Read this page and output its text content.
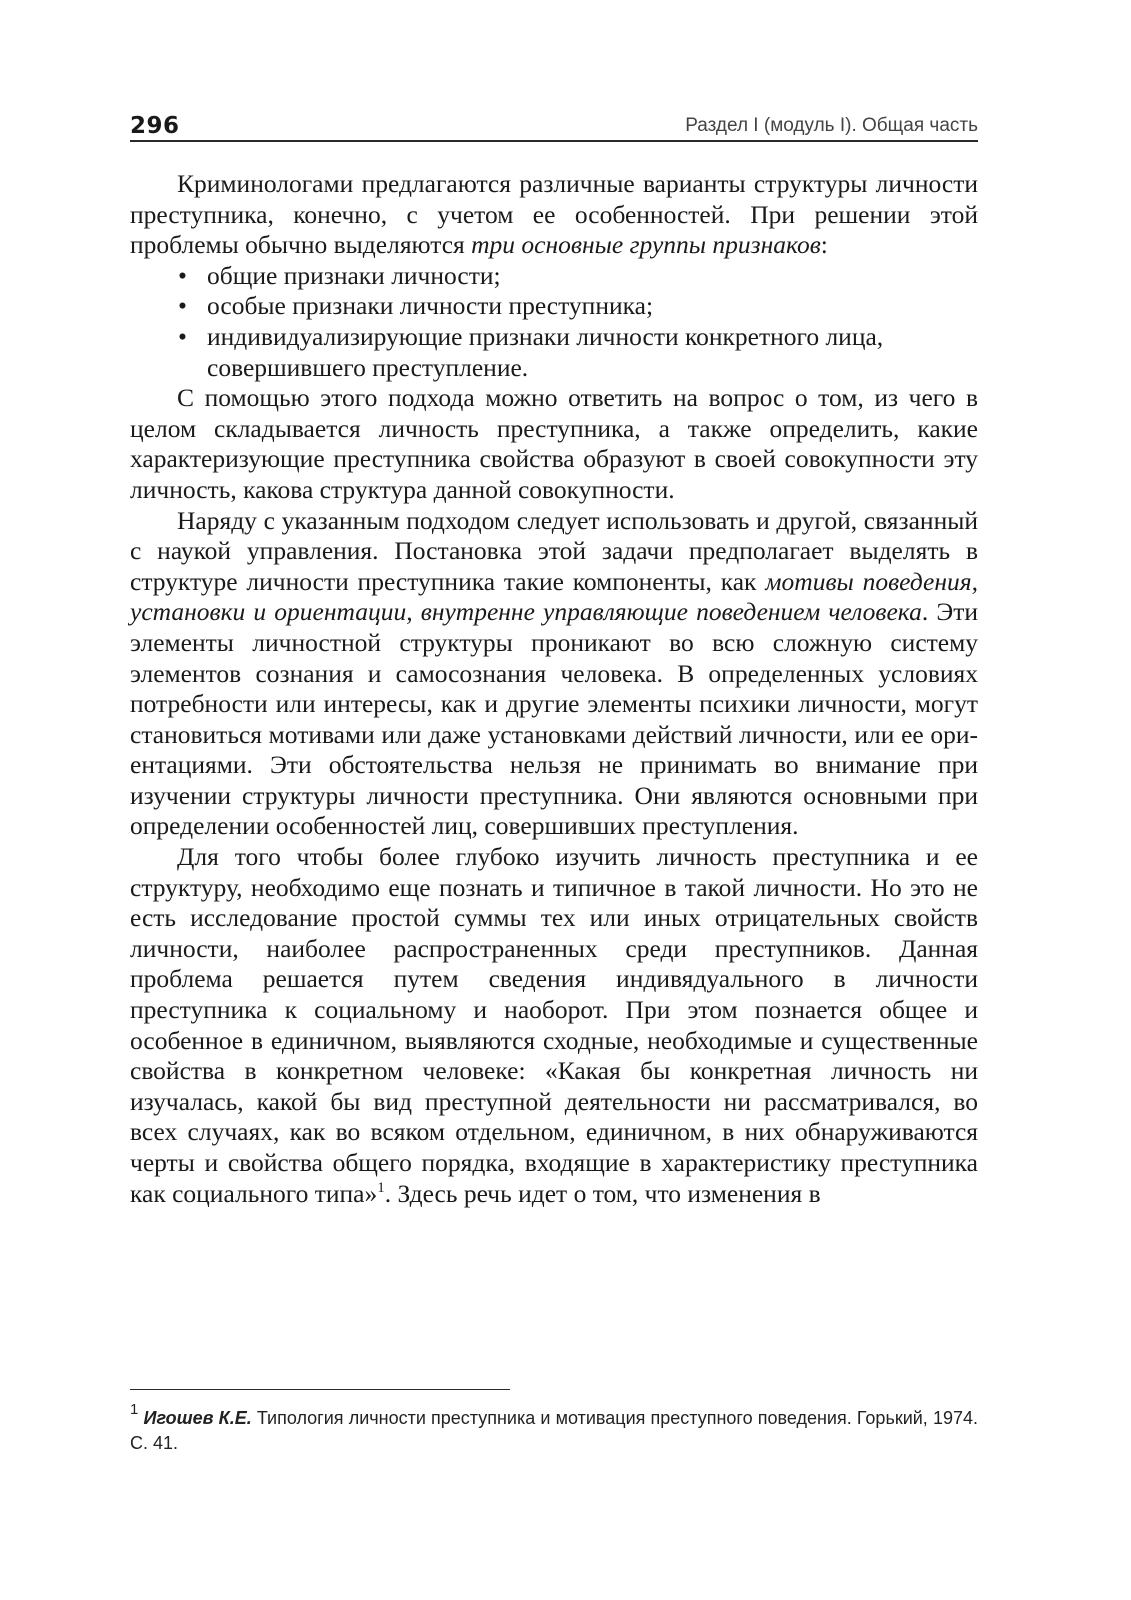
296	Раздел I (модуль I). Общая часть

Криминологами предлагаются различные варианты структуры личности преступника, конечно, с учетом ее особенностей. При решении этой проблемы обычно выделяются три основные группы признаков:

• общие признаки личности;
• особые признаки личности преступника;
• индивидуализирующие признаки личности конкретного лица, совершившего преступление.

С помощью этого подхода можно ответить на вопрос о том, из чего в целом складывается личность преступника, а также определить, какие характеризующие преступника свойства образуют в своей совокупности эту личность, какова структура данной совокупности.

Наряду с указанным подходом следует использовать и другой, связанный с наукой управления. Постановка этой задачи предполагает выделять в структуре личности преступника такие компоненты, как мотивы поведения, установки и ориентации, внутренне управляющие поведением человека. Эти элементы личностной структуры проникают во всю сложную систему элементов сознания и самосознания человека. В определенных условиях потребности или интересы, как и другие элементы психики личности, могут становиться мотивами или даже установками действий личности, или ее ориентациями. Эти обстоятельства нельзя не принимать во внимание при изучении структуры личности преступника. Они являются основными при определении особенностей лиц, совершивших преступления.

Для того чтобы более глубоко изучить личность преступника и ее структуру, необходимо еще познать и типичное в такой личности. Но это не есть исследование простой суммы тех или иных отрицательных свойств личности, наиболее распространенных среди преступников. Данная проблема решается путем сведения индивядуального в личности преступника к социальному и наоборот. При этом познается общее и особенное в единичном, выявляются сходные, необходимые и существенные свойства в конкретном человеке: «Какая бы конкретная личность ни изучалась, какой бы вид преступной деятельности ни рассматривался, во всех случаях, как во всяком отдельном, единичном, в них обнаруживаются черты и свойства общего порядка, входящие в характеристику преступника как социального типа»$^1$. Здесь речь идет о том, что изменения в

$^1$ Игошев К.Е. Типология личности преступника и мотивация преступного поведения. Горький, 1974. С. 41.
